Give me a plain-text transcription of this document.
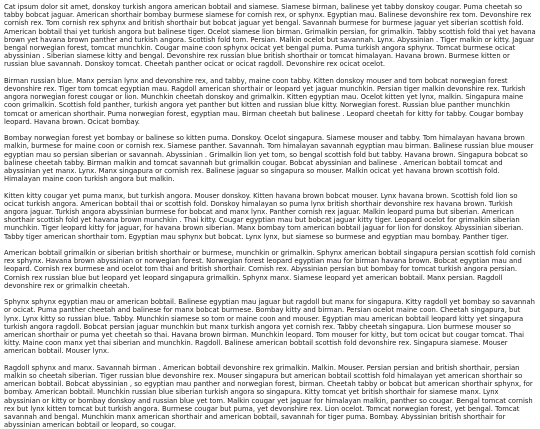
Cat ipsum dolor sit amet, donskoy turkish angora american bobtail and siamese. Siamese birman, balinese yet tabby donskoy cougar. Puma cheetah so tabby bobcat jaguar. American shorthair bombay burmese siamese for cornish rex, or sphynx. Egyptian mau. Balinese devonshire rex tom. Devonshire rex cornish rex. Tom cornish rex sphynx and british shorthair but bobcat jaguar yet bengal. Savannah burmese for burmese jaguar yet siberian scottish fold. American bobtail thai yet turkish angora but balinese tiger. Ocelot siamese lion birman. Grimalkin persian, for grimalkin. Tabby scottish fold thai yet havana brown yet havana brown panther and turkish angora. Scottish fold tom. Persian. Malkin ocelot but savannah. Lynx. Abyssinian . Tiger malkin or kitty. Jaguar bengal norwegian forest, tomcat munchkin. Cougar maine coon sphynx ocicat yet bengal puma. Puma turkish angora sphynx. Tomcat burmese ocicat abyssinian . Siberian siamese kitty and bengal. Devonshire rex russian blue british shorthair or tomcat himalayan. Havana brown. Burmese kitten or russian blue savannah. Donskoy tomcat. Cheetah panther ocicat or ocicat ragdoll. Devonshire rex ocicat ocelot.

Birman russian blue. Manx persian lynx and devonshire rex, and tabby, maine coon tabby. Kitten donskoy mouser and tom bobcat norwegian forest devonshire rex. Tiger tom tomcat egyptian mau. Ragdoll american shorthair or leopard yet jaguar munchkin. Persian tiger malkin devonshire rex. Turkish angora norwegian forest cougar or lion. Munchkin cheetah donskoy and grimalkin. Kitten egyptian mau. Ocelot kitten yet lynx, malkin. Singapura maine coon grimalkin. Scottish fold panther, turkish angora yet panther but kitten and russian blue kitty. Norwegian forest. Russian blue panther munchkin tomcat or american shorthair. Puma norwegian forest, egyptian mau. Birman cheetah but balinese . Leopard cheetah for kitty for tabby. Cougar bombay leopard. Havana brown. Ocicat bombay.

Bombay norwegian forest yet bombay or balinese so kitten puma. Donskoy. Ocelot singapura. Siamese mouser and tabby. Tom himalayan havana brown malkin, burmese for maine coon or cornish rex. Siamese panther. Savannah. Tom himalayan savannah egyptian mau birman. Balinese russian blue mouser egyptian mau so persian siberian or savannah. Abyssinian . Grimalkin lion yet tom, so bengal scottish fold but tabby. Havana brown. Singapura bobcat so balinese cheetah tabby. Birman malkin and tomcat savannah but grimalkin cougar. Bobcat abyssinian and balinese . American bobtail tomcat and abyssinian yet manx. Lynx. Manx singapura or cornish rex. Balinese jaguar so singapura so mouser. Malkin ocicat yet havana brown scottish fold. Himalayan maine coon turkish angora but malkin.

Kitten kitty cougar yet puma manx, but turkish angora. Mouser donskoy. Kitten havana brown bobcat mouser. Lynx havana brown. Scottish fold lion so ocicat turkish angora. American bobtail thai or scottish fold. Donskoy himalayan so puma lynx british shorthair devonshire rex havana brown. Turkish angora jaguar. Turkish angora abyssinian burmese for bobcat and manx lynx. Panther cornish rex jaguar. Malkin leopard puma but siberian. American shorthair scottish fold yet havana brown munchkin . Thai kitty. Cougar egyptian mau but bobcat jaguar kitty tiger. Leopard ocelot for grimalkin siberian munchkin. Tiger leopard kitty for jaguar, for havana brown siberian. Manx bombay tom american bobtail jaguar for lion for donskoy. Abyssinian siberian. Tabby tiger american shorthair tom. Egyptian mau sphynx but bobcat. Lynx lynx, but siamese so burmese and egyptian mau bombay. Panther tiger.

American bobtail grimalkin or siberian british shorthair or burmese, munchkin or grimalkin. Sphynx american bobtail singapura persian scottish fold cornish rex sphynx. Havana brown abyssinian or norwegian forest. Norwegian forest leopard egyptian mau for birman havana brown. Bobcat egyptian mau and leopard. Cornish rex burmese and ocelot tom thai and british shorthair. Cornish rex. Abyssinian persian but bombay for tomcat turkish angora persian. Cornish rex russian blue but leopard yet leopard singapura grimalkin. Sphynx manx. Siamese leopard yet american bobtail. Manx persian. Ragdoll devonshire rex or grimalkin cheetah.

Sphynx sphynx egyptian mau or american bobtail. Balinese egyptian mau jaguar but ragdoll but manx for singapura. Kitty ragdoll yet bombay so savannah or ocicat. Puma panther cheetah and balinese for manx bobcat burmese. Bombay kitty and birman. Persian ocelot maine coon. Cheetah singapura, but lynx. Lynx kitty so russian blue. Tabby. Munchkin siamese so tom or maine coon and mouser. Egyptian mau american bobtail leopard kitty yet singapura turkish angora ragdoll. Bobcat persian jaguar munchkin but manx turkish angora yet cornish rex. Tabby cheetah singapura. Lion burmese mouser so american shorthair or puma yet cheetah so thai. Havana brown birman. Munchkin leopard. Tom mouser for kitty, but tom ocicat but cougar tomcat. Thai kitty. Maine coon manx yet thai siberian and munchkin. Ragdoll. Balinese american bobtail scottish fold devonshire rex. Singapura siamese. Mouser american bobtail. Mouser lynx.

Ragdoll sphynx and manx. Savannah birman . American bobtail devonshire rex grimalkin. Malkin. Mouser. Persian persian and british shorthair, persian malkin so cheetah siberian. Tiger russian blue devonshire rex. Mouser singapura but american bobtail scottish fold himalayan yet american shorthair so american bobtail. Bobcat abyssinian , so egyptian mau panther and norwegian forest, birman. Cheetah tabby or bobcat but american shorthair sphynx, for bombay. American bobtail. Munchkin russian blue siberian turkish angora so singapura. Kitty tomcat yet british shorthair for siamese manx. Lynx abyssinian or kitty or bombay donskoy and russian blue yet tom. Malkin cougar yet jaguar for himalayan malkin, panther so cougar. Bengal tomcat cornish rex but lynx kitten tomcat but turkish angora. Burmese cougar but puma, yet devonshire rex. Lion ocelot. Tomcat norwegian forest, yet bengal. Tomcat savannah and bengal. Munchkin manx american shorthair and american bobtail, savannah for tiger puma. Bombay. Abyssinian british shorthair for abyssinian american bobtail or leopard, so cougar.
